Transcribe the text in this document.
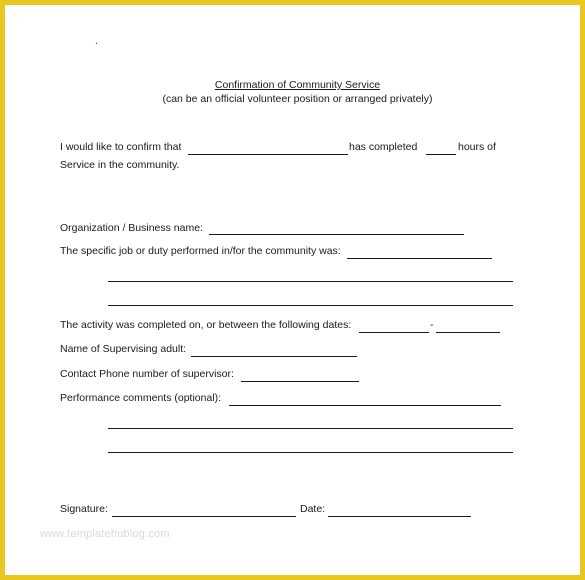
.
Confirmation of Community Service
(can be an official volunteer position or arranged privately)
I would like to confirm that	has completed	hours of
Service in the community.
Organization / Business name:
The specific job or duty performed in/for the community was:
The activity was completed on, or between the following dates:	-
Name of Supervising adult:
Contact Phone number of supervisor:
Performance comments (optional):
Signature:	Date:
www.templatehublog.com
